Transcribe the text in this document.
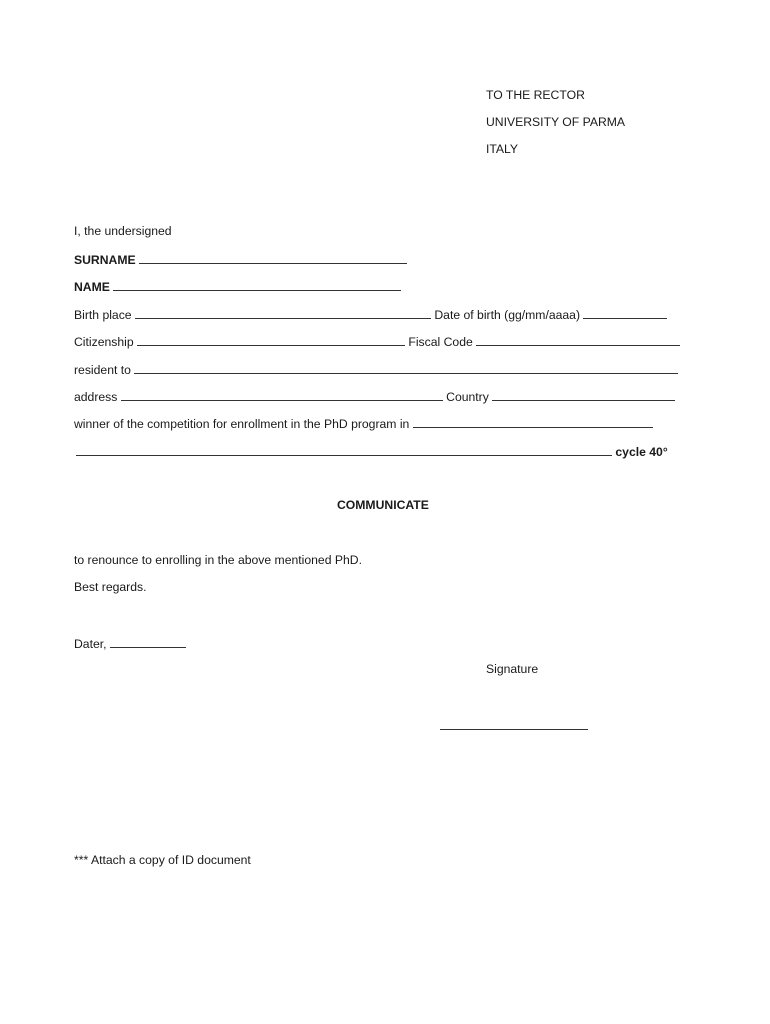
TO THE RECTOR
UNIVERSITY OF PARMA
ITALY
I, the undersigned
SURNAME
NAME
Birth place	Date of birth (gg/mm/aaaa)
Citizenship	Fiscal Code
resident to
address	Country
winner of the competition for enrollment in the PhD program in
cycle 40°
COMMUNICATE
to renounce to enrolling in the above mentioned PhD.
Best regards.
Dater,
Signature
*** Attach a copy of ID document
